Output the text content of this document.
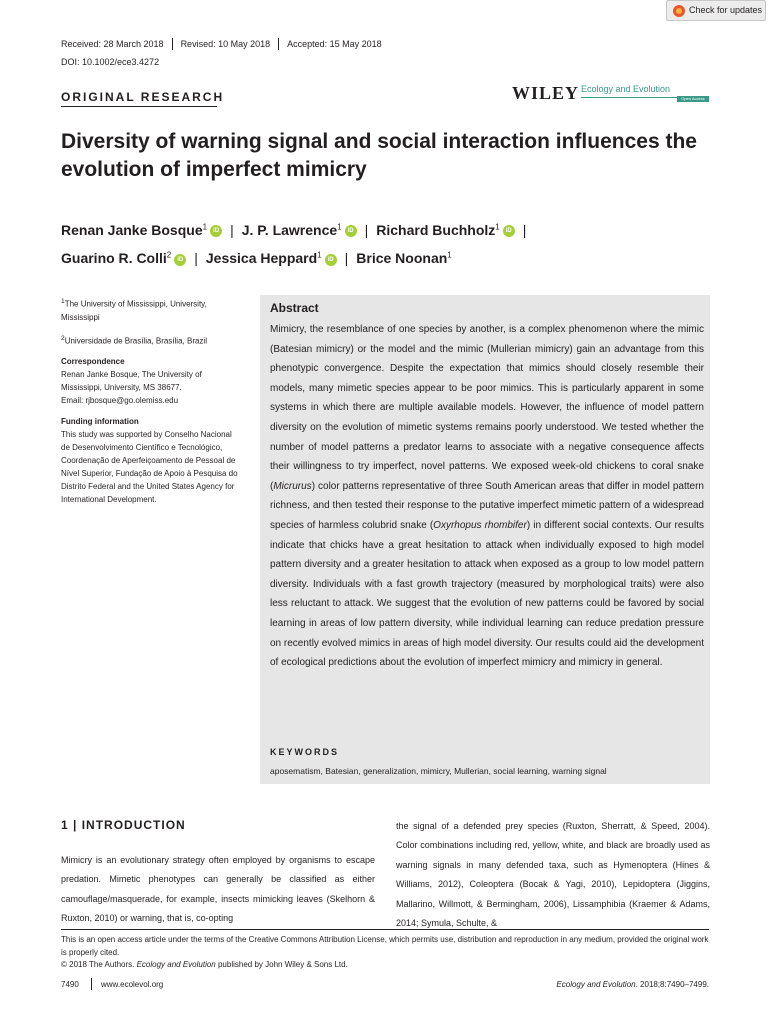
Check for updates
Received: 28 March 2018	Revised: 10 May 2018	Accepted: 15 May 2018
DOI: 10.1002/ece3.4272
ORIGINAL RESEARCH	WILEY Ecology and Evolution
Open Access
Diversity of warning signal and social interaction influences the evolution of imperfect mimicry
Renan Janke Bosque$^1$ iD | J. P. Lawrence$^1$ iD | Richard Buchholz$^1$ iD |
Guarino R. Colli$^2$ iD | Jessica Heppard$^1$ iD | Brice Noonan$^1$

$^1$The University of Mississippi, University, Mississippi

$^2$Universidade de Brasília, Brasília, Brazil

Correspondence

Renan Janke Bosque, The University of Mississippi, University, MS 38677.

Email: rjbosque@go.olemiss.edu

Funding information

This study was supported by Conselho Nacional de Desenvolvimento Científico e Tecnológico, Coordenação de Aperfeiçoamento de Pessoal de Nível Superior, Fundação de Apoio à Pesquisa do Distrito Federal and the United States Agency for International Development.

Abstract
Mimicry, the resemblance of one species by another, is a complex phenomenon where the mimic (Batesian mimicry) or the model and the mimic (Mullerian mimicry) gain an advantage from this phenotypic convergence. Despite the expectation that mimics should closely resemble their models, many mimetic species appear to be poor mimics. This is particularly apparent in some systems in which there are multiple available models. However, the influence of model pattern diversity on the evolution of mimetic systems remains poorly understood. We tested whether the number of model patterns a predator learns to associate with a negative consequence affects their willingness to try imperfect, novel patterns. We exposed week-old chickens to coral snake (Micrurus) color patterns representative of three South American areas that differ in model pattern richness, and then tested their response to the putative imperfect mimetic pattern of a widespread species of harmless colubrid snake (Oxyrhopus rhombifer) in different social contexts. Our results indicate that chicks have a great hesitation to attack when individually exposed to high model pattern diversity and a greater hesitation to attack when exposed as a group to low model pattern diversity. Individuals with a fast growth trajectory (measured by morphological traits) were also less reluctant to attack. We suggest that the evolution of new patterns could be favored by social learning in areas of low pattern diversity, while individual learning can reduce predation pressure on recently evolved mimics in areas of high model diversity. Our results could aid the development of ecological predictions about the evolution of imperfect mimicry and mimicry in general.
KEYWORDS
aposematism, Batesian, generalization, mimicry, Mullerian, social learning, warning signal
1 | INTRODUCTION
Mimicry is an evolutionary strategy often employed by organisms to escape predation. Mimetic phenotypes can generally be classified as either camouflage/masquerade, for example, insects mimicking leaves (Skelhorn & Ruxton, 2010) or warning, that is, co-opting
the signal of a defended prey species (Ruxton, Sherratt, & Speed, 2004). Color combinations including red, yellow, white, and black are broadly used as warning signals in many defended taxa, such as Hymenoptera (Hines & Williams, 2012), Coleoptera (Bocak & Yagi, 2010), Lepidoptera (Jiggins, Mallarino, Willmott, & Bermingham, 2006), Lissamphibia (Kraemer & Adams, 2014; Symula, Schulte, &
This is an open access article under the terms of the Creative Commons Attribution License, which permits use, distribution and reproduction in any medium, provided the original work is properly cited.
© 2018 The Authors. Ecology and Evolution published by John Wiley & Sons Ltd.
7490	www.ecolevol.org	Ecology and Evolution. 2018;8:7490–7499.
